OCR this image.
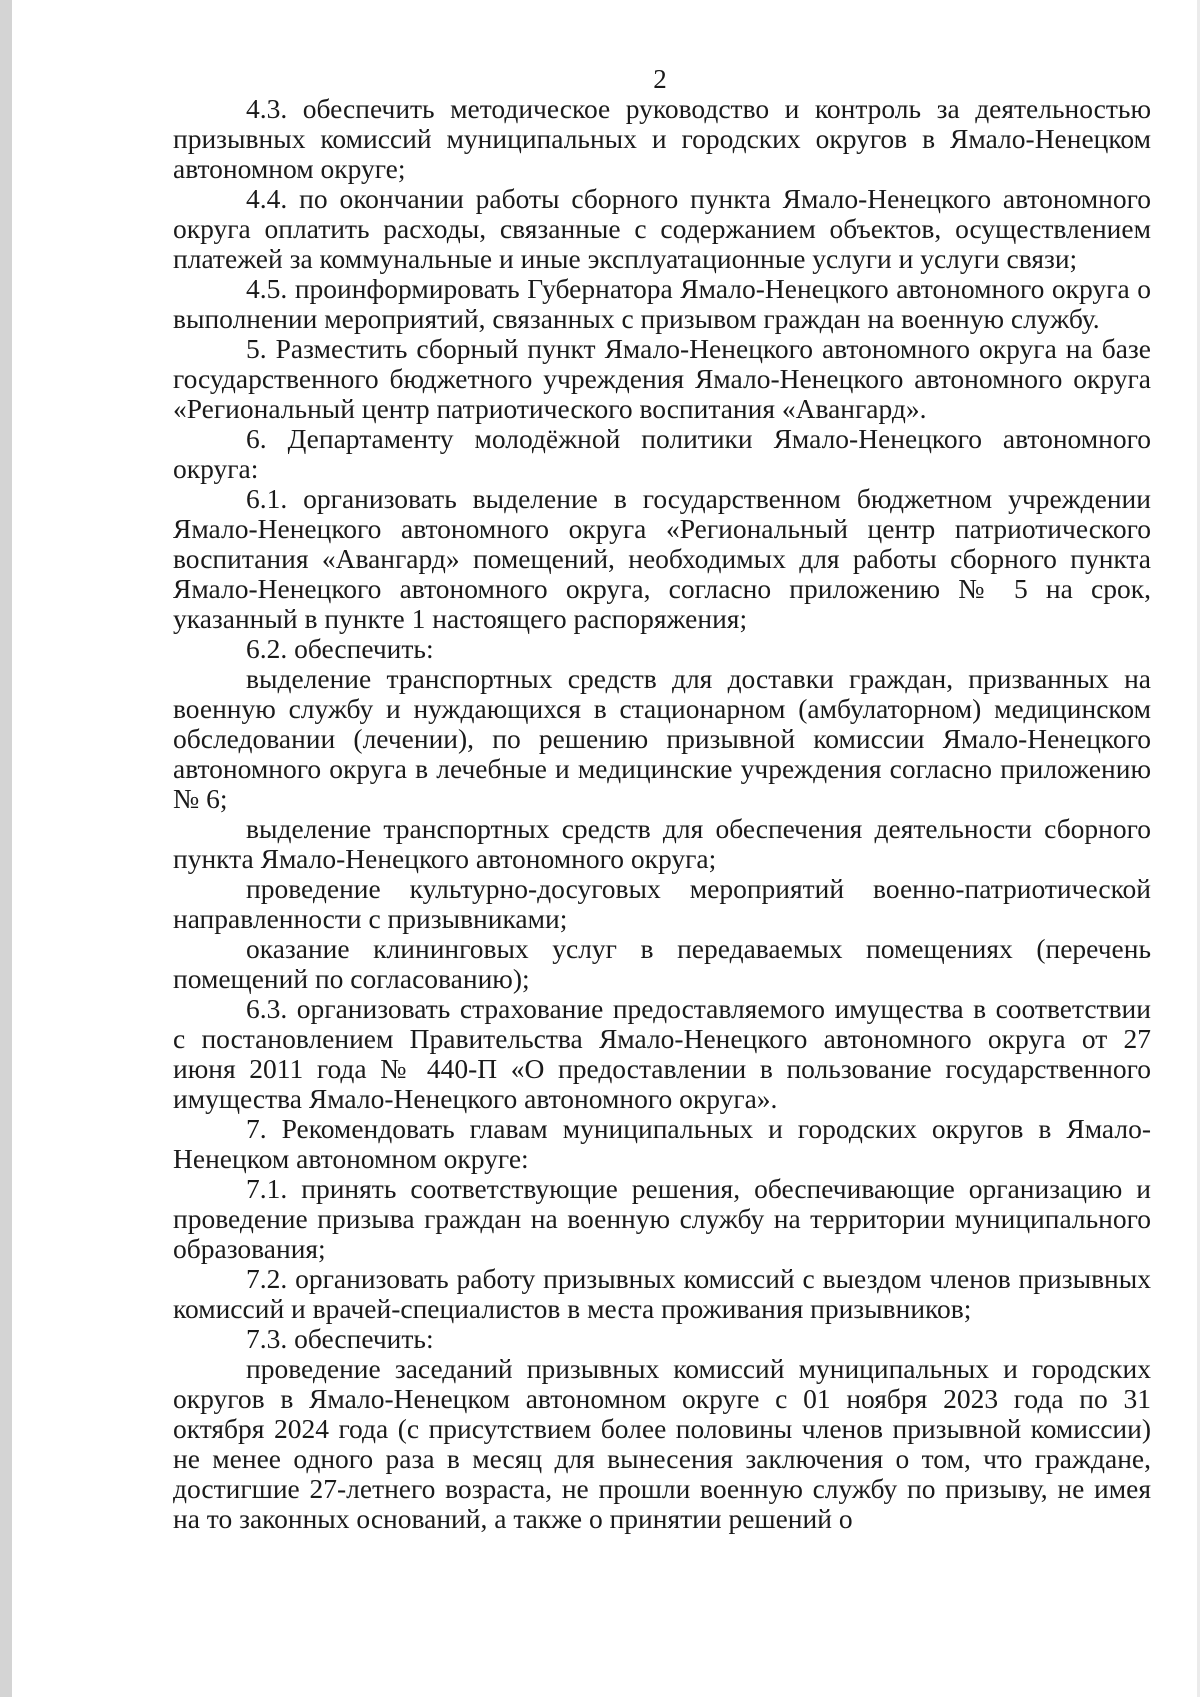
2

4.3. обеспечить методическое руководство и контроль за деятельностью призывных комиссий муниципальных и городских округов в Ямало-Ненецком автономном округе;

4.4. по окончании работы сборного пункта Ямало-Ненецкого автономного округа оплатить расходы, связанные с содержанием объектов, осуществлением платежей за коммунальные и иные эксплуатационные услуги и услуги связи;

4.5. проинформировать Губернатора Ямало-Ненецкого автономного округа о выполнении мероприятий, связанных с призывом граждан на военную службу.

5. Разместить сборный пункт Ямало-Ненецкого автономного округа на базе государственного бюджетного учреждения Ямало-Ненецкого автономного округа «Региональный центр патриотического воспитания «Авангард».

6. Департаменту молодёжной политики Ямало-Ненецкого автономного округа:

6.1. организовать выделение в государственном бюджетном учреждении Ямало-Ненецкого автономного округа «Региональный центр патриотического воспитания «Авангард» помещений, необходимых для работы сборного пункта Ямало-Ненецкого автономного округа, согласно приложению № 5 на срок, указанный в пункте 1 настоящего распоряжения;

6.2. обеспечить:

выделение транспортных средств для доставки граждан, призванных на военную службу и нуждающихся в стационарном (амбулаторном) медицинском обследовании (лечении), по решению призывной комиссии Ямало-Ненецкого автономного округа в лечебные и медицинские учреждения согласно приложению № 6;

выделение транспортных средств для обеспечения деятельности сборного пункта Ямало-Ненецкого автономного округа;

проведение культурно-досуговых мероприятий военно-патриотической направленности с призывниками;

оказание клининговых услуг в передаваемых помещениях (перечень помещений по согласованию);

6.3. организовать страхование предоставляемого имущества в соответствии с постановлением Правительства Ямало-Ненецкого автономного округа от 27 июня 2011 года № 440-П «О предоставлении в пользование государственного имущества Ямало-Ненецкого автономного округа».

7. Рекомендовать главам муниципальных и городских округов в Ямало-Ненецком автономном округе:

7.1. принять соответствующие решения, обеспечивающие организацию и проведение призыва граждан на военную службу на территории муниципального образования;

7.2. организовать работу призывных комиссий с выездом членов призывных комиссий и врачей-специалистов в места проживания призывников;

7.3. обеспечить:

проведение заседаний призывных комиссий муниципальных и городских округов в Ямало-Ненецком автономном округе с 01 ноября 2023 года по 31 октября 2024 года (с присутствием более половины членов призывной комиссии) не менее одного раза в месяц для вынесения заключения о том, что граждане, достигшие 27-летнего возраста, не прошли военную службу по призыву, не имея на то законных оснований, а также о принятии решений о
